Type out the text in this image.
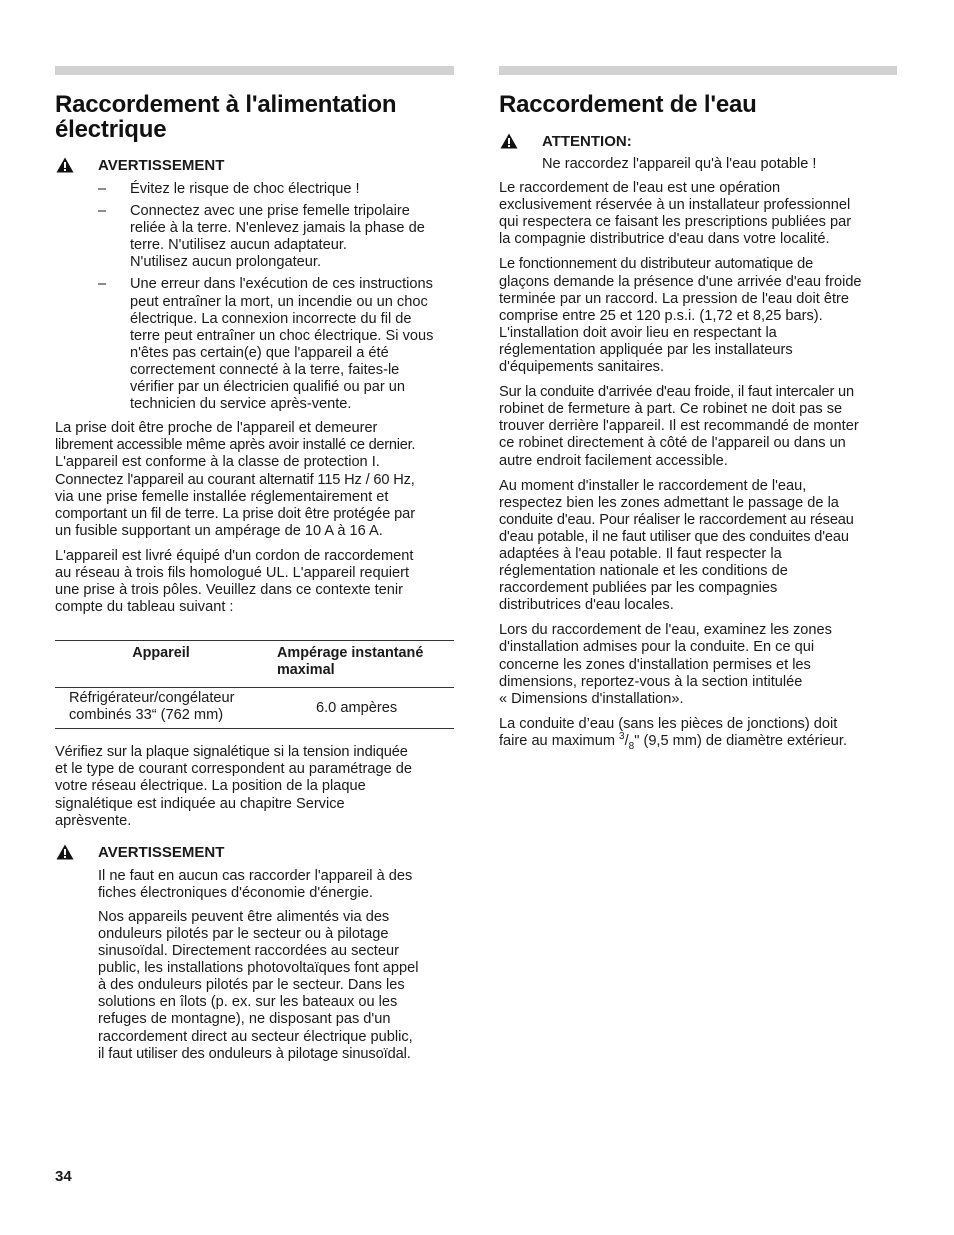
Raccordement à l'alimentation
électrique
AVERTISSEMENT
– Évitez le risque de choc électrique !
– Connectez avec une prise femelle tripolaire
reliée à la terre. N'enlevez jamais la phase de
terre. N'utilisez aucun adaptateur.
N'utilisez aucun prolongateur.
– Une erreur dans l'exécution de ces instructions
peut entraîner la mort, un incendie ou un choc
électrique. La connexion incorrecte du fil de
terre peut entraîner un choc électrique. Si vous
n'êtes pas certain(e) que l'appareil a été
correctement connecté à la terre, faites-le
vérifier par un électricien qualifié ou par un
technicien du service après-vente.

La prise doit être proche de l'appareil et demeurer
librement accessible même après avoir installé ce dernier.
L'appareil est conforme à la classe de protection I.
Connectez l'appareil au courant alternatif 115 Hz / 60 Hz,
via une prise femelle installée réglementairement et
comportant un fil de terre. La prise doit être protégée par
un fusible supportant un ampérage de 10 A à 16 A.

L'appareil est livré équipé d'un cordon de raccordement
au réseau à trois fils homologué UL. L'appareil requiert
une prise à trois pôles. Veuillez dans ce contexte tenir
compte du tableau suivant :

Appareil	Ampérage instantané
maximal
Réfrigérateur/congélateur
combinés 33“ (762 mm)	6.0 ampères

Vérifiez sur la plaque signalétique si la tension indiquée
et le type de courant correspondent au paramétrage de
votre réseau électrique. La position de la plaque
signalétique est indiquée au chapitre Service
aprèsvente.

AVERTISSEMENT

Il ne faut en aucun cas raccorder l'appareil à des
fiches électroniques d'économie d'énergie.

Nos appareils peuvent être alimentés via des
onduleurs pilotés par le secteur ou à pilotage
sinusoïdal. Directement raccordées au secteur
public, les installations photovoltaïques font appel
à des onduleurs pilotés par le secteur. Dans les
solutions en îlots (p. ex. sur les bateaux ou les
refuges de montagne), ne disposant pas d'un
raccordement direct au secteur électrique public,
il faut utiliser des onduleurs à pilotage sinusoïdal.

Raccordement de l'eau
ATTENTION:

Ne raccordez l'appareil qu'à l'eau potable !

Le raccordement de l'eau est une opération
exclusivement réservée à un installateur professionnel
qui respectera ce faisant les prescriptions publiées par
la compagnie distributrice d'eau dans votre localité.

Le fonctionnement du distributeur automatique de
glaçons demande la présence d'une arrivée d'eau froide
terminée par un raccord. La pression de l'eau doit être
comprise entre 25 et 120 p.s.i. (1,72 et 8,25 bars).
L'installation doit avoir lieu en respectant la
réglementation appliquée par les installateurs
d'équipements sanitaires.

Sur la conduite d'arrivée d'eau froide, il faut intercaler un
robinet de fermeture à part. Ce robinet ne doit pas se
trouver derrière l'appareil. Il est recommandé de monter
ce robinet directement à côté de l'appareil ou dans un
autre endroit facilement accessible.

Au moment d'installer le raccordement de l'eau,
respectez bien les zones admettant le passage de la
conduite d'eau. Pour réaliser le raccordement au réseau
d'eau potable, il ne faut utiliser que des conduites d'eau
adaptées à l'eau potable. Il faut respecter la
réglementation nationale et les conditions de
raccordement publiées par les compagnies
distributrices d'eau locales.

Lors du raccordement de l'eau, examinez les zones
d'installation admises pour la conduite. En ce qui
concerne les zones d'installation permises et les
dimensions, reportez-vous à la section intitulée
« Dimensions d'installation».

La conduite d’eau (sans les pièces de jonctions) doit
faire au maximum $^3/_8$" (9,5 mm) de diamètre extérieur.

34
